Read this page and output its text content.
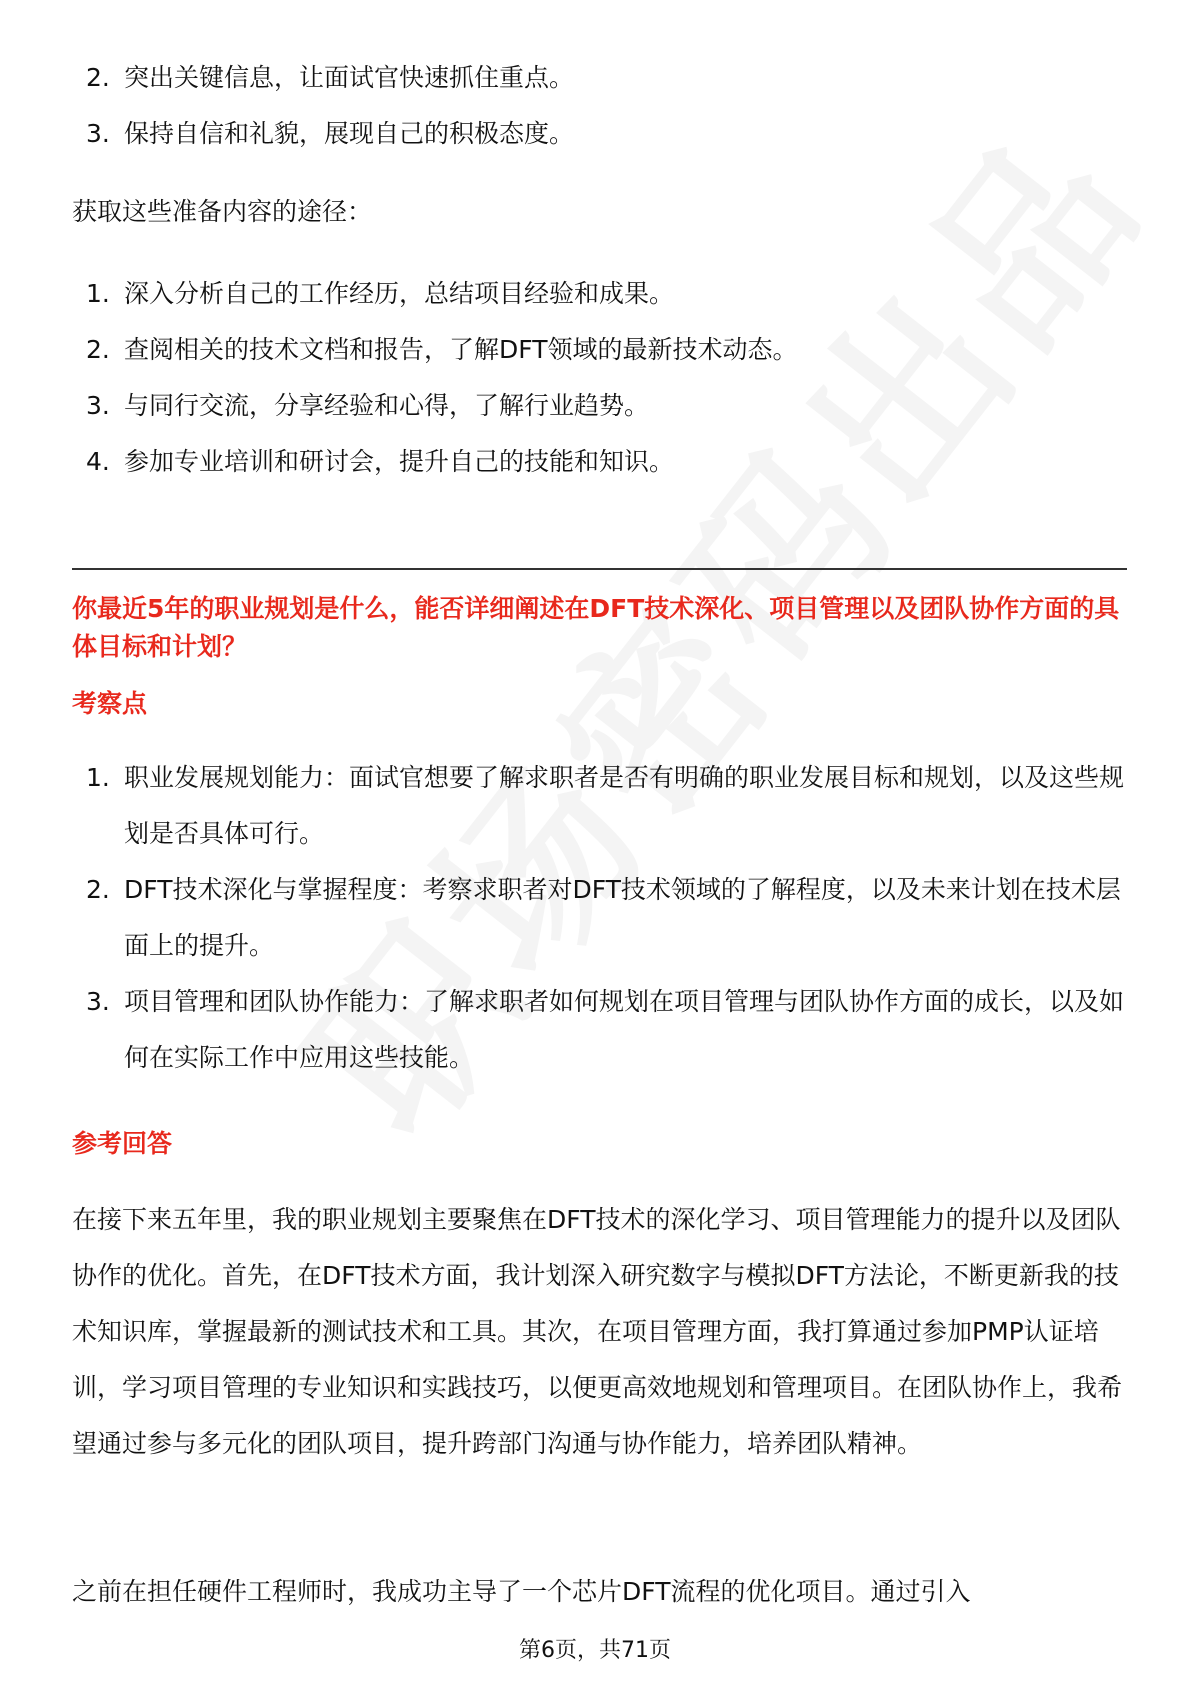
2. 突出关键信息，让面试官快速抓住重点。
3. 保持自信和礼貌，展现自己的积极态度。

获取这些准备内容的途径：

1. 深入分析自己的工作经历，总结项目经验和成果。
2. 查阅相关的技术文档和报告，了解DFT领域的最新技术动态。
3. 与同行交流，分享经验和心得，了解行业趋势。
4. 参加专业培训和研讨会，提升自己的技能和知识。

你最近5年的职业规划是什么，能否详细阐述在DFT技术深化、项目管理以及团队协作方面的具体目标和计划？

考察点

1. 职业发展规划能力：面试官想要了解求职者是否有明确的职业发展目标和规划，以及这些规划是否具体可行。
2. DFT技术深化与掌握程度：考察求职者对DFT技术领域的了解程度，以及未来计划在技术层面上的提升。
3. 项目管理和团队协作能力：了解求职者如何规划在项目管理与团队协作方面的成长，以及如何在实际工作中应用这些技能。

参考回答

在接下来五年里，我的职业规划主要聚焦在DFT技术的深化学习、项目管理能力的提升以及团队协作的优化。首先，在DFT技术方面，我计划深入研究数字与模拟DFT方法论，不断更新我的技术知识库，掌握最新的测试技术和工具。其次，在项目管理方面，我打算通过参加PMP认证培训，学习项目管理的专业知识和实践技巧，以便更高效地规划和管理项目。在团队协作上，我希望通过参与多元化的团队项目，提升跨部门沟通与协作能力，培养团队精神。

之前在担任硬件工程师时，我成功主导了一个芯片DFT流程的优化项目。通过引入

第6页，共71页
